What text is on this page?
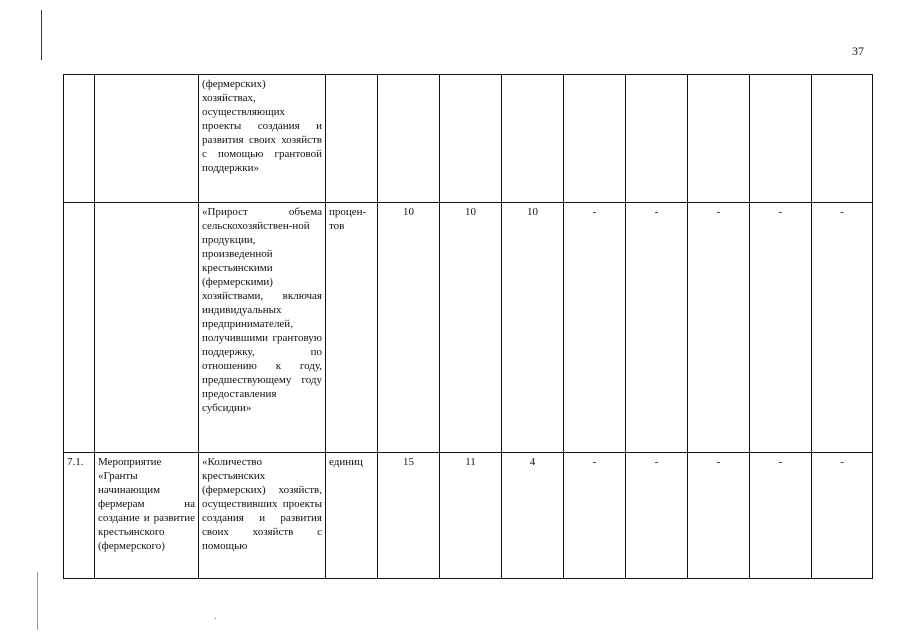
37
		(фермерских) хозяйствах, осуществляющих проекты создания и развития своих хозяйств с помощью грантовой поддержки»									
		«Прирост объема сельскохозяйствен-ной продукции, произведенной крестьянскими (фермерскими) хозяйствами, включая индивидуальных предпринимателей, получившими грантовую поддержку, по отношению к году, предшествующему году предоставления субсидии»	процен-тов	10	10	10	-	-	-	-	-
7.1.	Мероприятие «Гранты начинающим фермерам на создание и развитие крестьянского (фермерского)	«Количество крестьянских (фермерских) хозяйств, осуществивших проекты создания и развития своих хозяйств с помощью	единиц	15	11	4	-	-	-	-	-
